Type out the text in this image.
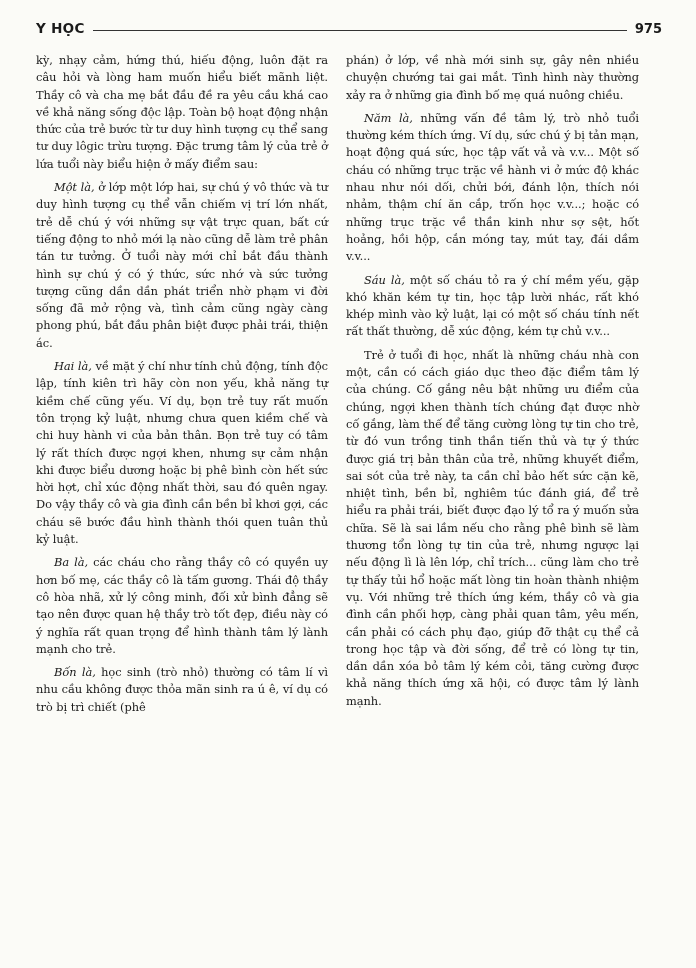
Y HỌC	975

kỳ, nhạy cảm, hứng thú, hiếu động, luôn đặt ra câu hỏi và lòng ham muốn hiểu biết mãnh liệt. Thầy cô và cha mẹ bắt đầu đề ra yêu cầu khá cao về khả năng sống độc lập. Toàn bộ hoạt động nhận thức của trẻ bước từ tư duy hình tượng cụ thể sang tư duy lôgic trừu tượng. Đặc trưng tâm lý của trẻ ở lứa tuổi này biểu hiện ở mấy điểm sau:

Một là, ở lớp một lớp hai, sự chú ý vô thức và tư duy hình tượng cụ thể vẫn chiếm vị trí lớn nhất, trẻ dễ chú ý với những sự vật trực quan, bất cứ tiếng động to nhỏ mới lạ nào cũng dễ làm trẻ phân tán tư tưởng. Ở tuổi này mới chỉ bắt đầu thành hình sự chú ý có ý thức, sức nhớ và sức tưởng tượng cũng dần dần phát triển nhờ phạm vi đời sống đã mở rộng và, tình cảm cũng ngày càng phong phú, bắt đầu phân biệt được phải trái, thiện ác.

Hai là, về mặt ý chí như tính chủ động, tính độc lập, tính kiên trì hãy còn non yếu, khả năng tự kiềm chế cũng yếu. Ví dụ, bọn trẻ tuy rất muốn tôn trọng kỷ luật, nhưng chưa quen kiềm chế và chi huy hành vi của bản thân. Bọn trẻ tuy có tâm lý rất thích được ngợi khen, nhưng sự cảm nhận khi được biểu dương hoặc bị phê bình còn hết sức hời hợt, chỉ xúc động nhất thời, sau đó quên ngay. Do vậy thầy cô và gia đình cần bền bỉ khơi gợi, các cháu sẽ bước đầu hình thành thói quen tuân thủ kỷ luật.

Ba là, các cháu cho rằng thầy cô có quyền uy hơn bố mẹ, các thầy cô là tấm gương. Thái độ thầy cô hòa nhã, xử lý công minh, đối xử bình đẳng sẽ tạo nên được quan hệ thầy trò tốt đẹp, điều này có ý nghĩa rất quan trọng để hình thành tâm lý lành mạnh cho trẻ.

Bốn là, học sinh (trò nhỏ) thường có tâm lí vì nhu cầu không được thỏa mãn sinh ra ú ê, ví dụ có trò bị trì chiết (phê

phán) ở lớp, về nhà mới sinh sự, gây nên nhiều chuyện chướng tai gai mắt. Tình hình này thường xảy ra ở những gia đình bố mẹ quá nuông chiều.

Năm là, những vấn đề tâm lý, trò nhỏ tuổi thường kém thích ứng. Ví dụ, sức chú ý bị tản mạn, hoạt động quá sức, học tập vất vả và v.v... Một số cháu có những trục trặc về hành vi ở mức độ khác nhau như nói dối, chửi bới, đánh lộn, thích nói nhảm, thậm chí ăn cắp, trốn học v.v...; hoặc có những trục trặc về thần kinh như sợ sệt, hốt hoảng, hồi hộp, cắn móng tay, mút tay, đái dầm v.v...

Sáu là, một số cháu tỏ ra ý chí mềm yếu, gặp khó khăn kém tự tin, học tập lười nhác, rất khó khép mình vào kỷ luật, lại có một số cháu tính nết rất thất thường, dễ xúc động, kém tự chủ v.v...

Trẻ ở tuổi đi học, nhất là những cháu nhà con một, cần có cách giáo dục theo đặc điểm tâm lý của chúng. Cố gắng nêu bật những ưu điểm của chúng, ngợi khen thành tích chúng đạt được nhờ cố gắng, làm thế để tăng cường lòng tự tin cho trẻ, từ đó vun trồng tinh thần tiến thủ và tự ý thức được giá trị bản thân của trẻ, những khuyết điểm, sai sót của trẻ này, ta cần chỉ bảo hết sức cặn kẽ, nhiệt tình, bền bỉ, nghiêm túc đánh giá, để trẻ hiểu ra phải trái, biết được đạo lý tổ ra ý muốn sửa chữa. Sẽ là sai lầm nếu cho rằng phê bình sẽ làm thương tổn lòng tự tin của trẻ, nhưng ngược lại nếu động lì là lên lớp, chỉ trích... cũng làm cho trẻ tự thấy tủi hổ hoặc mất lòng tin hoàn thành nhiệm vụ. Với những trẻ thích ứng kém, thầy cô và gia đình cần phối hợp, càng phải quan tâm, yêu mến, cần phải có cách phụ đạo, giúp đỡ thật cụ thể cả trong học tập và đời sống, để trẻ có lòng tự tin, dần dần xóa bỏ tâm lý kém cỏi, tăng cường được khả năng thích ứng xã hội, có được tâm lý lành mạnh.
